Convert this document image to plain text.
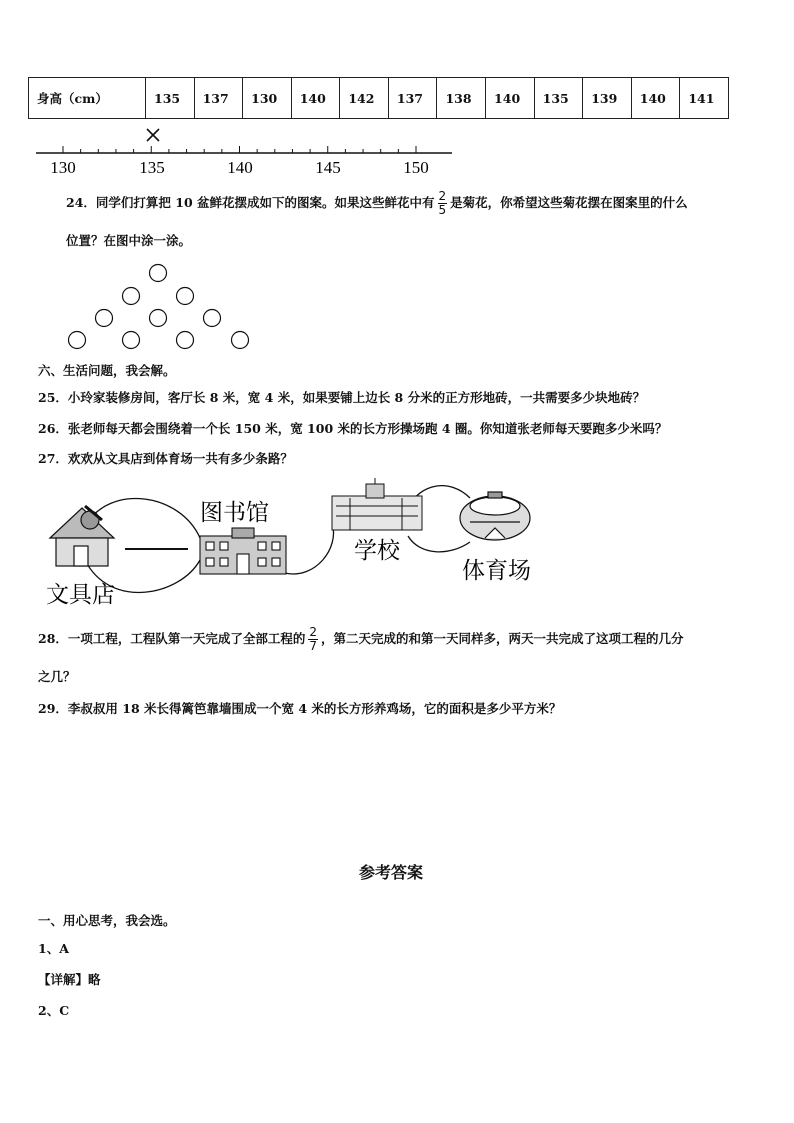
身高（cm）	135	137	130	140	142	137	138	140	135	139	140	141
130	135	140	145	150
24．同学们打算把 10 盆鲜花摆成如下的图案。如果这些鲜花中有 $\frac{2}{5}$ 是菊花，你希望这些菊花摆在图案里的什么
位置？在图中涂一涂。
六、生活问题，我会解。
25．小玲家装修房间，客厅长 8 米，宽 4 米，如果要铺上边长 8 分米的正方形地砖，一共需要多少块地砖？
26．张老师每天都会围绕着一个长 150 米，宽 100 米的长方形操场跑 4 圈。你知道张老师每天要跑多少米吗？
27．欢欢从文具店到体育场一共有多少条路？
文具店
图书馆
学校
体育场
28．一项工程，工程队第一天完成了全部工程的 $\frac{2}{7}$ ，第二天完成的和第一天同样多，两天一共完成了这项工程的几分
之几？
29．李叔叔用 18 米长得篱笆靠墙围成一个宽 4 米的长方形养鸡场，它的面积是多少平方米？
参考答案
一、用心思考，我会选。
1、A
【详解】略
2、C
